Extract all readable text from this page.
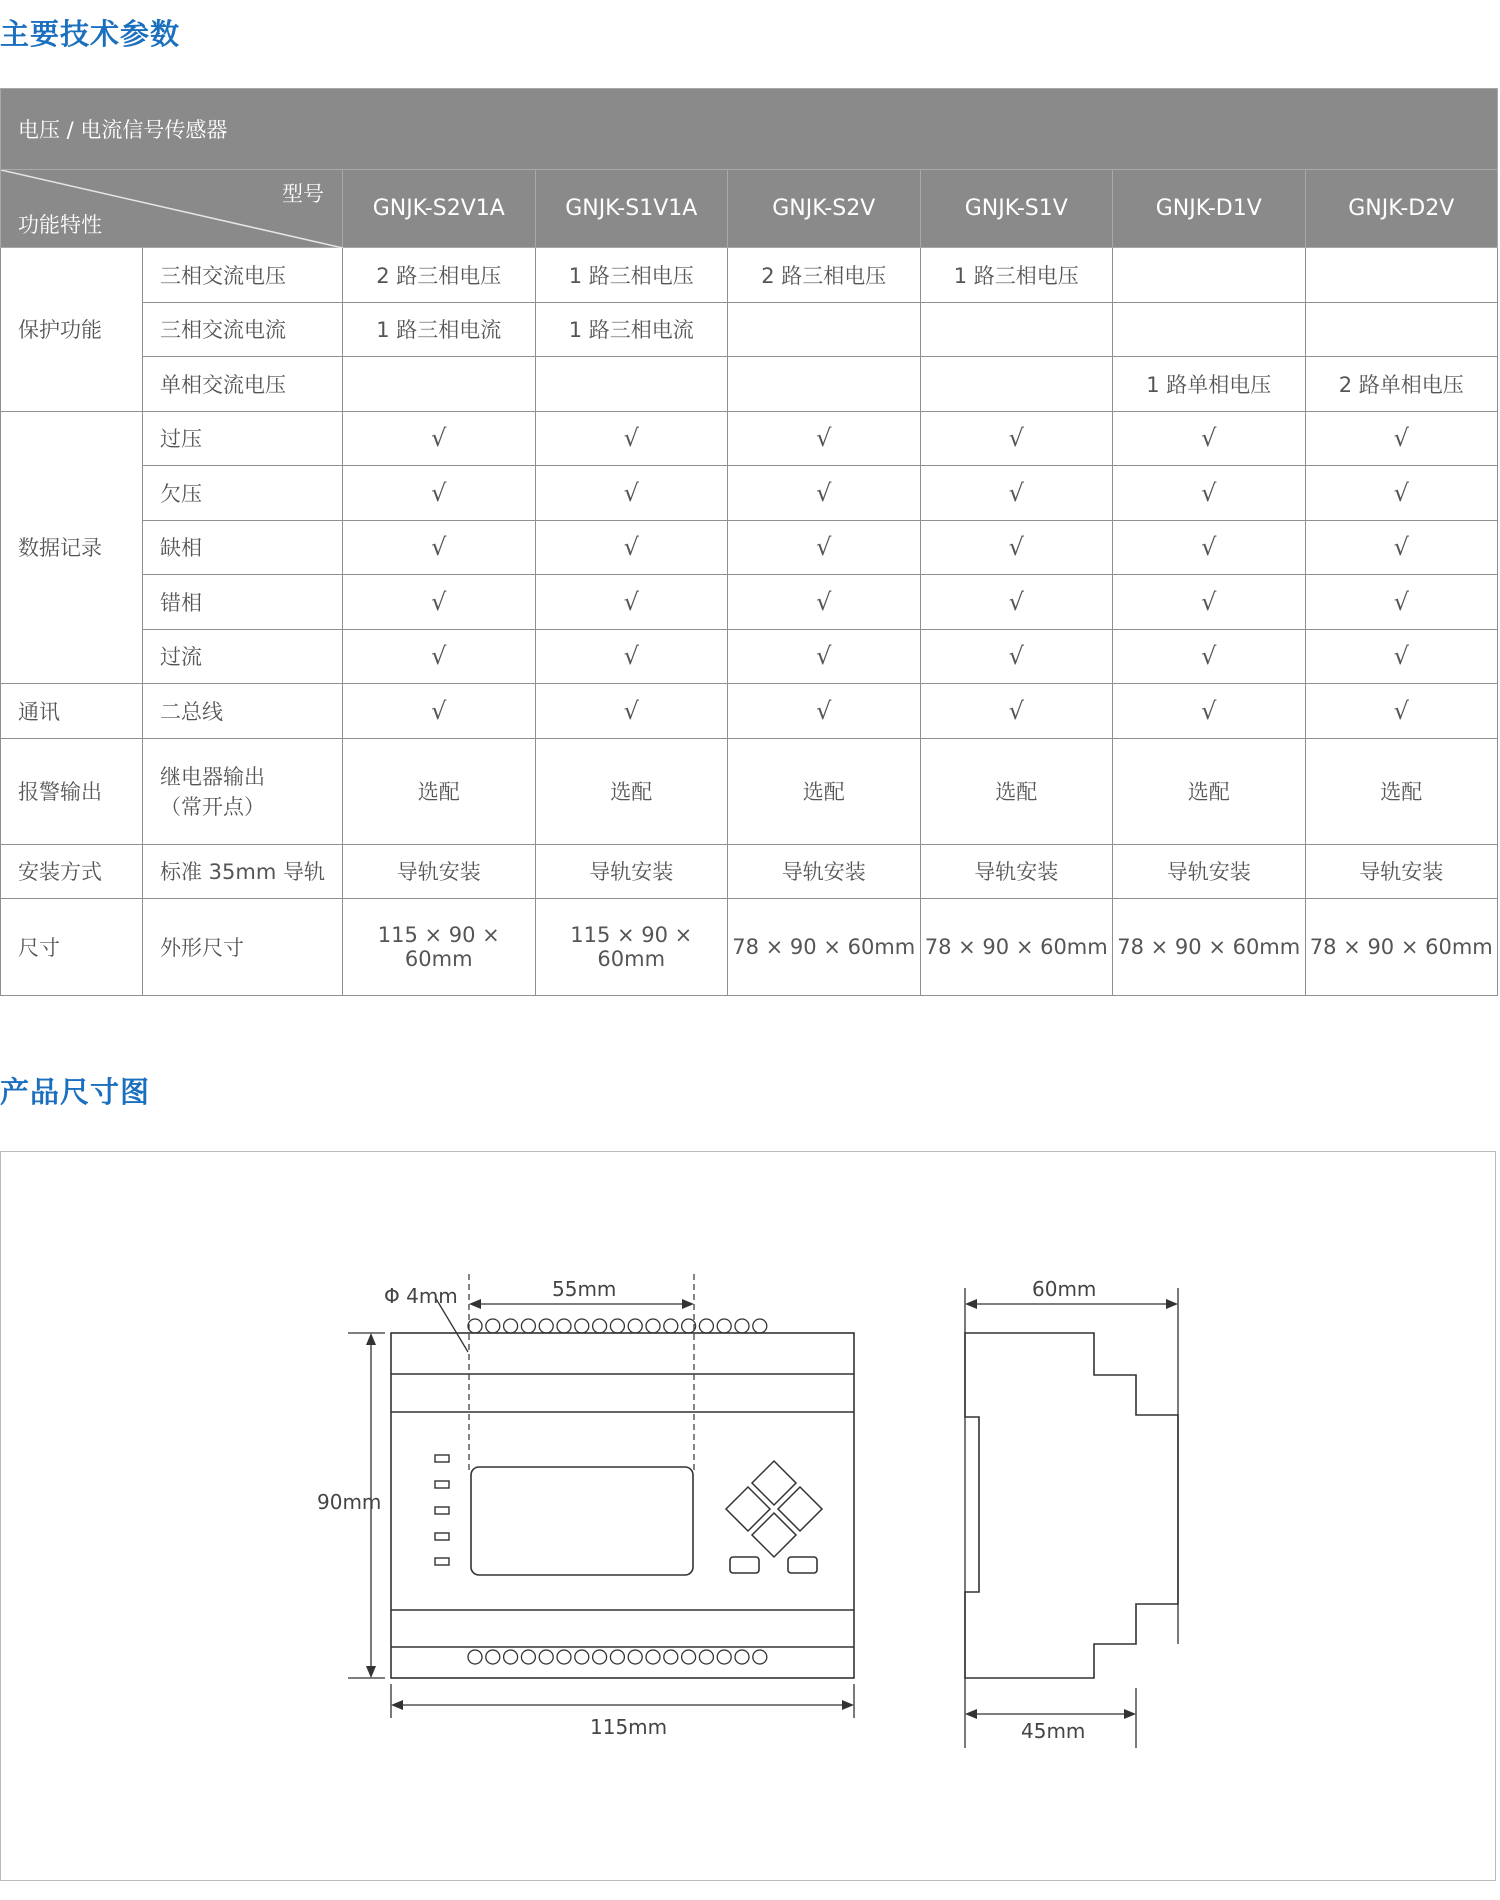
主要技术参数
电压 / 电流信号传感器							

型号
功能特性		GNJK-S2V1A	GNJK-S1V1A	GNJK-S2V	GNJK-S1V	GNJK-D1V	GNJK-D2V
保护功能	三相交流电压	2 路三相电压	1 路三相电压	2 路三相电压	1 路三相电压		

	三相交流电流	1 路三相电流	1 路三相电流				

	单相交流电压					1 路单相电压	2 路单相电压
数据记录	过压	√	√	√	√	√	√

	欠压	√	√	√	√	√	√

	缺相	√	√	√	√	√	√

	错相	√	√	√	√	√	√

	过流	√	√	√	√	√	√
通讯	二总线	√	√	√	√	√	√
报警输出	继电器输出
（常开点）	选配	选配	选配	选配	选配	选配
安装方式	标准 35mm 导轨	导轨安装	导轨安装	导轨安装	导轨安装	导轨安装	导轨安装
尺寸	外形尺寸	115 × 90 × 60mm	115 × 90 × 60mm	78 × 90 × 60mm	78 × 90 × 60mm	78 × 90 × 60mm	78 × 90 × 60mm
产品尺寸图
Φ 4mm	55mm
90mm
115mm
60mm
45mm
